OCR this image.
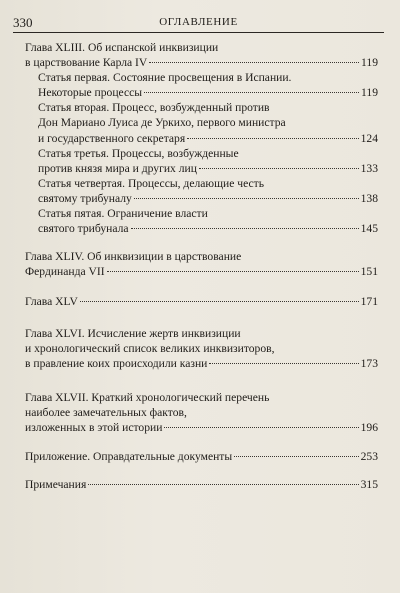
330	ОГЛАВЛЕНИЕ
Глава XLIII. Об испанской инквизиции
в царствование Карла IV	119
Статья первая. Состояние просвещения в Испании.
Некоторые процессы	119
Статья вторая. Процесс, возбужденный против
Дон Мариано Луиса де Уркихо, первого министра
и государственного секретаря	124
Статья третья. Процессы, возбужденные
против князя мира и других лиц	133
Статья четвертая. Процессы, делающие честь
святому трибуналу	138
Статья пятая. Ограничение власти
святого трибунала	145
Глава XLIV. Об инквизиции в царствование
Фердинанда VII	151
Глава XLV	171
Глава XLVI. Исчисление жертв инквизиции
и хронологический список великих инквизиторов,
в правление коих происходили казни	173
Глава XLVII. Краткий хронологический перечень
наиболее замечательных фактов,
изложенных в этой истории	196
Приложение. Оправдательные документы	253
Примечания	315
